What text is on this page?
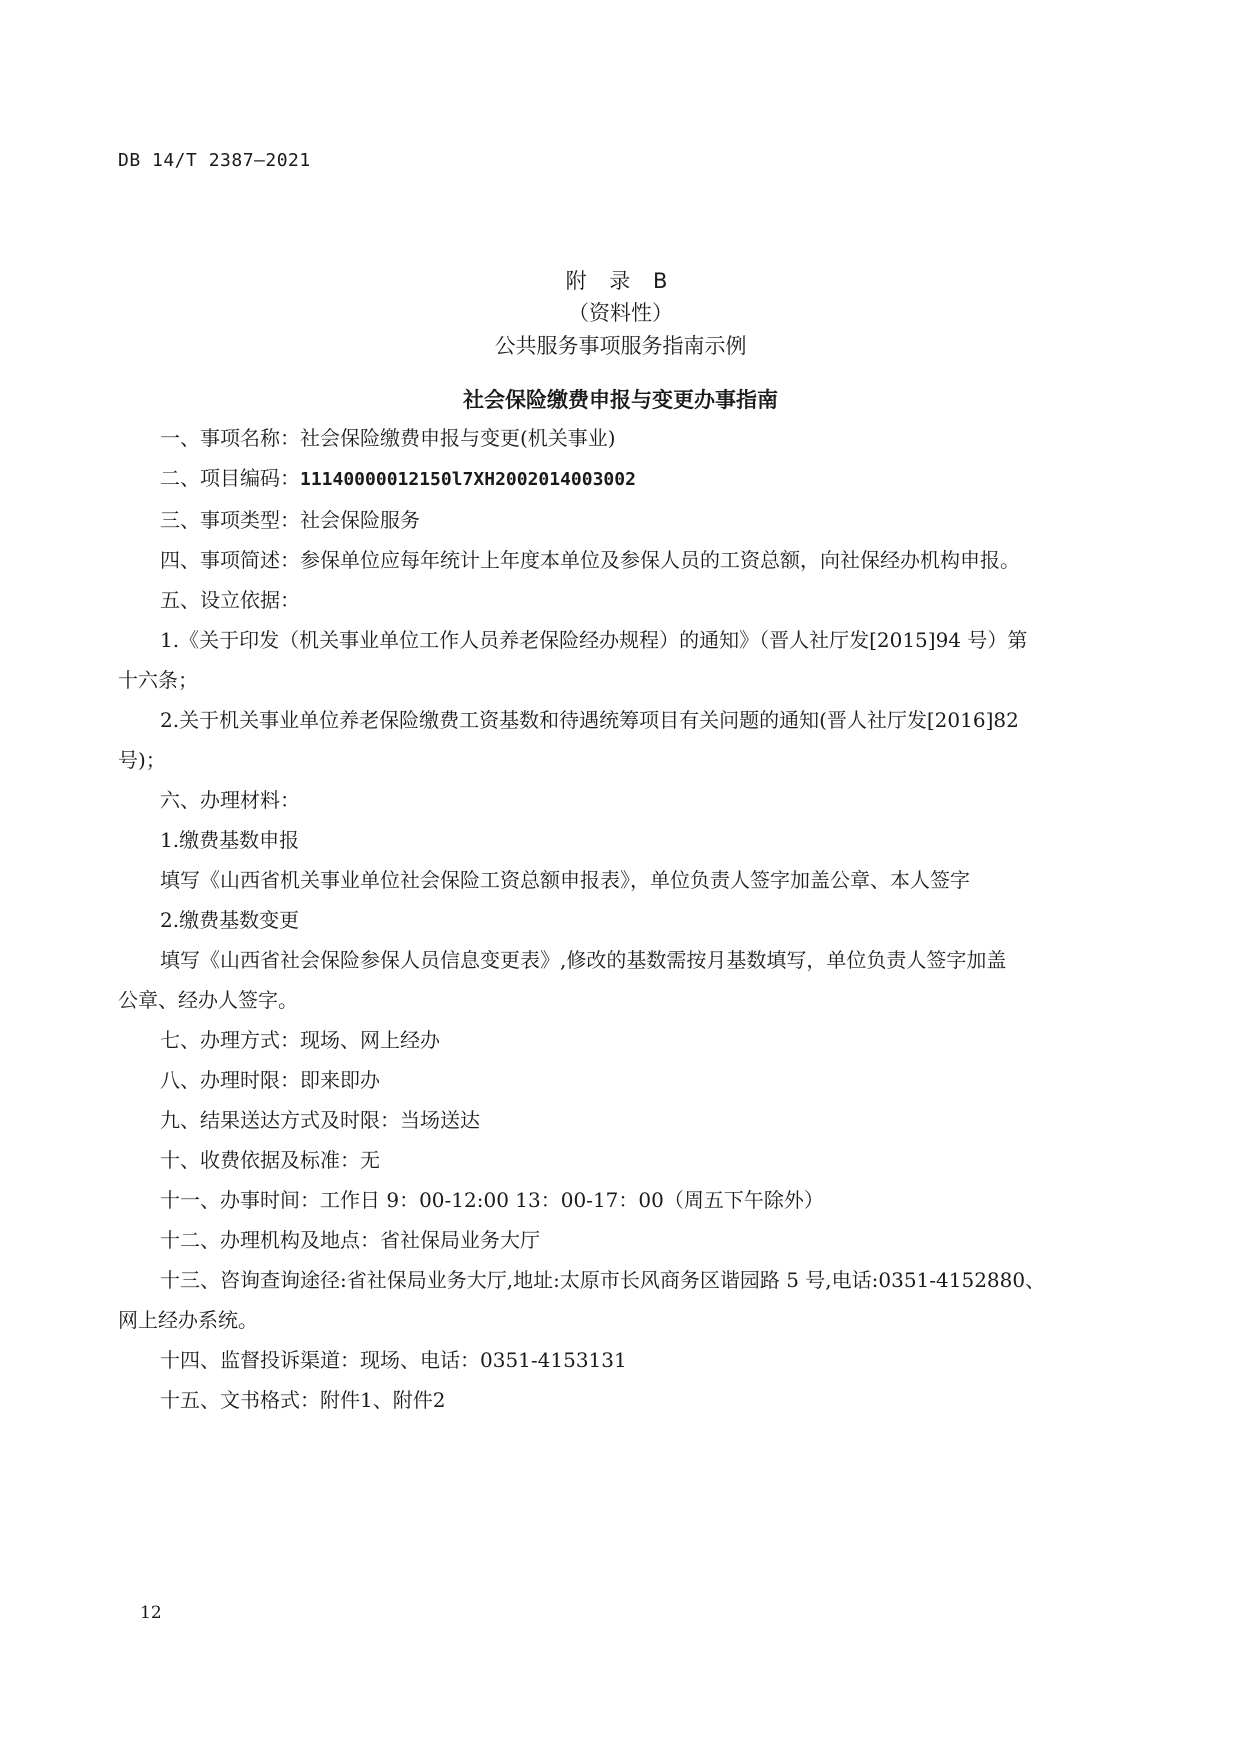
DB 14/T 2387—2021
附 录 B
（资料性）
公共服务事项服务指南示例
社会保险缴费申报与变更办事指南

一、事项名称：社会保险缴费申报与变更(机关事业)

二、项目编码：11140000012150l7XH2002014003002

三、事项类型：社会保险服务

四、事项简述：参保单位应每年统计上年度本单位及参保人员的工资总额，向社保经办机构申报。

五、设立依据：

1.《关于印发（机关事业单位工作人员养老保险经办规程）的通知》（晋人社厅发[2015]94 号）第

十六条；

2.关于机关事业单位养老保险缴费工资基数和待遇统筹项目有关问题的通知(晋人社厅发[2016]82

号)；

六、办理材料：

1.缴费基数申报

填写《山西省机关事业单位社会保险工资总额申报表》，单位负责人签字加盖公章、本人签字

2.缴费基数变更

填写《山西省社会保险参保人员信息变更表》,修改的基数需按月基数填写，单位负责人签字加盖

公章、经办人签字。

七、办理方式：现场、网上经办

八、办理时限：即来即办

九、结果送达方式及时限：当场送达

十、收费依据及标准：无

十一、办事时间：工作日 9：00-12:00 13：00-17：00（周五下午除外）

十二、办理机构及地点：省社保局业务大厅

十三、咨询查询途径:省社保局业务大厅,地址:太原市长风商务区谐园路 5 号,电话:0351-4152880、

网上经办系统。

十四、监督投诉渠道：现场、电话：0351-4153131

十五、文书格式：附件1、附件2

12
